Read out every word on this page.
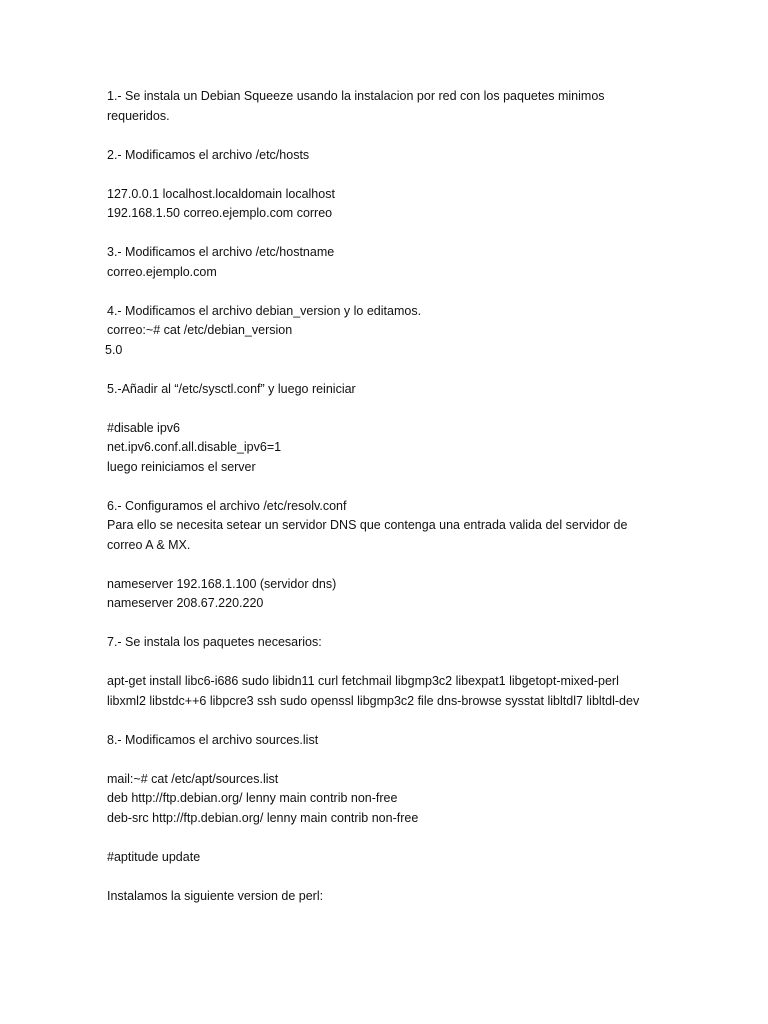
1.- Se instala un Debian Squeeze usando la instalacion por red con los paquetes minimos
requeridos.
2.- Modificamos el archivo /etc/hosts
127.0.0.1 localhost.localdomain localhost
192.168.1.50 correo.ejemplo.com correo
3.- Modificamos el archivo /etc/hostname
correo.ejemplo.com
4.- Modificamos el archivo debian_version y lo editamos.
correo:~# cat /etc/debian_version
5.0
5.-Añadir al “/etc/sysctl.conf” y luego reiniciar
#disable ipv6
net.ipv6.conf.all.disable_ipv6=1
luego reiniciamos el server
6.- Configuramos el archivo /etc/resolv.conf
Para ello se necesita setear un servidor DNS que contenga una entrada valida del servidor de
correo A & MX.
nameserver 192.168.1.100 (servidor dns)
nameserver 208.67.220.220
7.- Se instala los paquetes necesarios:
apt-get install libc6-i686 sudo libidn11 curl fetchmail libgmp3c2 libexpat1 libgetopt-mixed-perl
libxml2 libstdc++6 libpcre3 ssh sudo openssl libgmp3c2 file dns-browse sysstat libltdl7 libltdl-dev
8.- Modificamos el archivo sources.list
mail:~# cat /etc/apt/sources.list
deb http://ftp.debian.org/ lenny main contrib non-free
deb-src http://ftp.debian.org/ lenny main contrib non-free
#aptitude update
Instalamos la siguiente version de perl:
